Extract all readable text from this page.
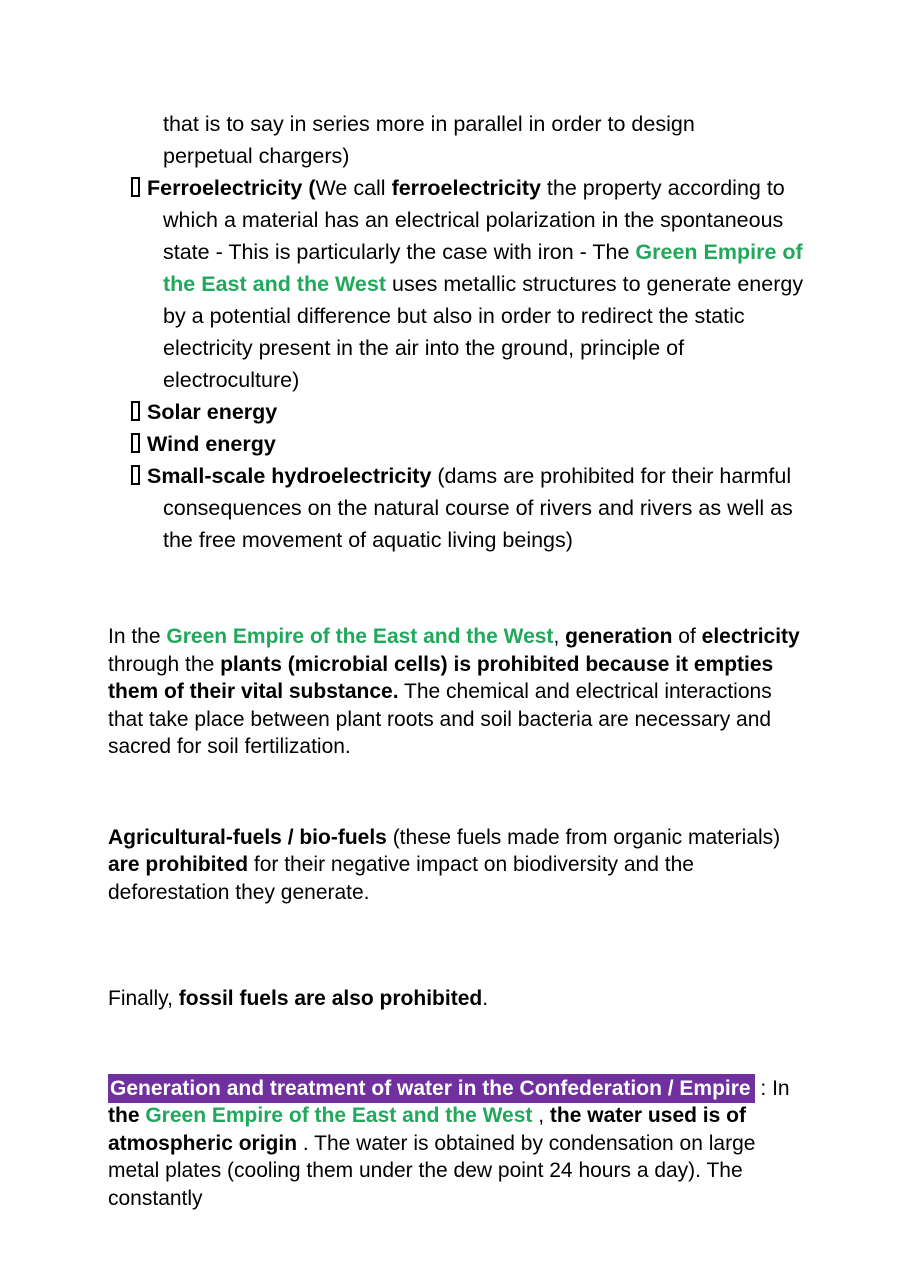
that is to say in series more in parallel in order to design perpetual chargers)
Ferroelectricity (We call ferroelectricity the property according to which a material has an electrical polarization in the spontaneous state - This is particularly the case with iron - The Green Empire of the East and the West uses metallic structures to generate energy by a potential difference but also in order to redirect the static electricity present in the air into the ground, principle of electroculture)
Solar energy
Wind energy
Small-scale hydroelectricity (dams are prohibited for their harmful consequences on the natural course of rivers and rivers as well as the free movement of aquatic living beings)
In the Green Empire of the East and the West, generation of electricity through the plants (microbial cells) is prohibited because it empties them of their vital substance. The chemical and electrical interactions that take place between plant roots and soil bacteria are necessary and sacred for soil fertilization.
Agricultural-fuels / bio-fuels (these fuels made from organic materials) are prohibited for their negative impact on biodiversity and the deforestation they generate.
Finally, fossil fuels are also prohibited.
Generation and treatment of water in the Confederation / Empire : In the Green Empire of the East and the West , the water used is of atmospheric origin . The water is obtained by condensation on large metal plates (cooling them under the dew point 24 hours a day). The constantly
